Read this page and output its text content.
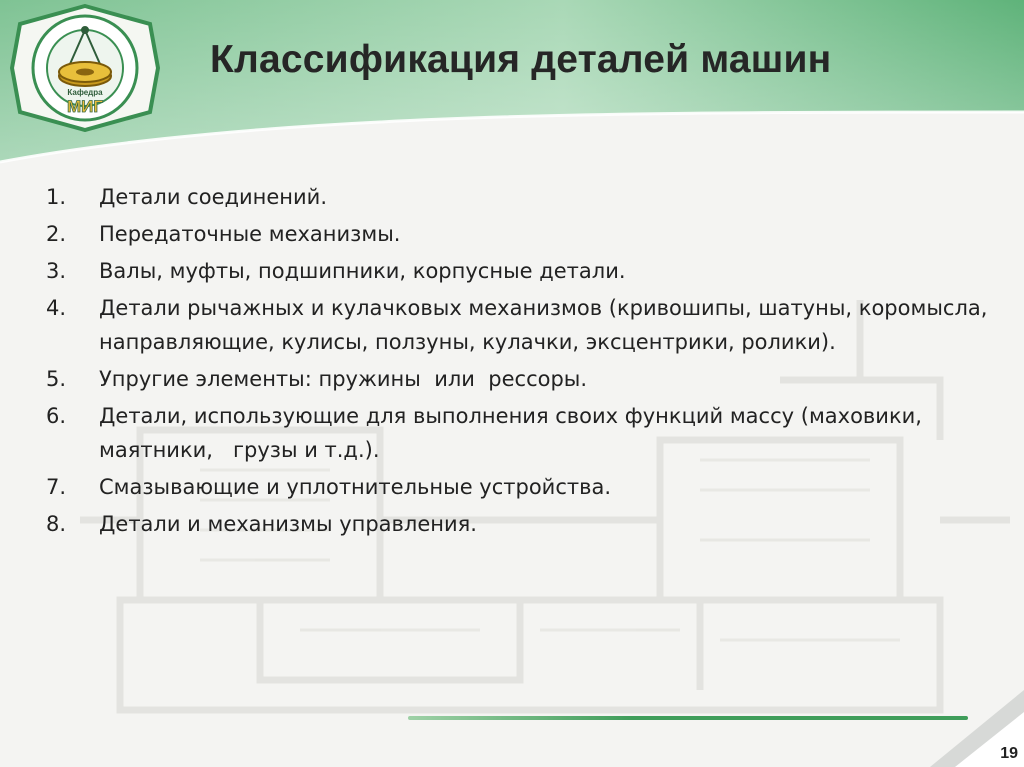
Кафедра
МИГ
Классификация деталей машин
1.	Детали соединений.
2.	Передаточные механизмы.
3.	Валы, муфты, подшипники, корпусные детали.
4.	Детали рычажных и кулачковых механизмов (кривошипы, шатуны, коромысла, направляющие, кулисы, ползуны, кулачки, эксцентрики, ролики).
5.	Упругие элементы: пружины  или  рессоры.
6.	Детали, использующие для выполнения своих функций массу (маховики, маятники,   грузы и т.д.).
7.	Смазывающие и уплотнительные устройства.
8.	Детали и механизмы управления.
19
